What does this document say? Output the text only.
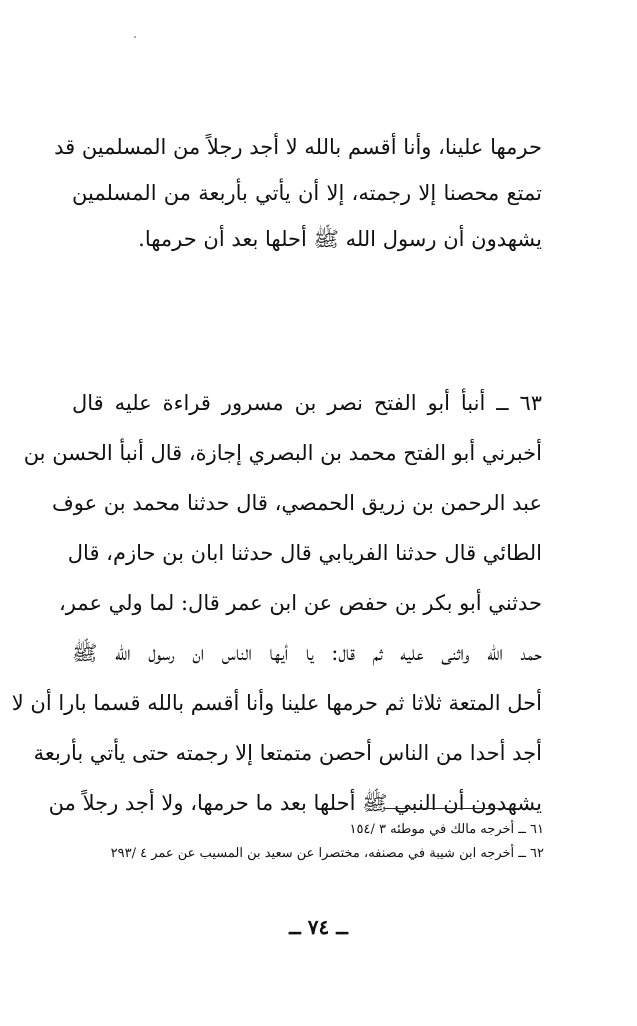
حرمها علينا، وأنا أقسم بالله لا أجد رجلاً من المسلمين قد
تمتع محصنا إلا رجمته، إلا أن يأتي بأربعة من المسلمين
يشهدون أن رسول الله ﷺ أحلها بعد أن حرمها.
٦٣ ــ أنبأ أبو الفتح نصر بن مسرور قراءة عليه قال
أخبرني أبو الفتح محمد بن البصري إجازة، قال أنبأ الحسن بن
عبد الرحمن بن زريق الحمصي، قال حدثنا محمد بن عوف
الطائي قال حدثنا الفريابي قال حدثنا ابان بن حازم، قال
حدثني أبو بكر بن حفص عن ابن عمر قال: لما ولي عمر،
حمد الله واثنى عليه ثم قال: يا أيها الناس ان رسول الله ﷺ
أحل المتعة ثلاثا ثم حرمها علينا وأنا أقسم بالله قسما بارا أن لا
أجد أحدا من الناس أحصن متمتعا إلا رجمته حتى يأتي بأربعة
يشهدون أن النبي ﷺ أحلها بعد ما حرمها، ولا أجد رجلاً من
٦١ ــ أخرجه مالك في موطئه ٣ /١٥٤
٦٢ ــ أخرجه ابن شيبة في مصنفه، مختصرا عن سعيد بن المسيب عن عمر ٤ /٢٩٣
ــ ٧٤ ــ
